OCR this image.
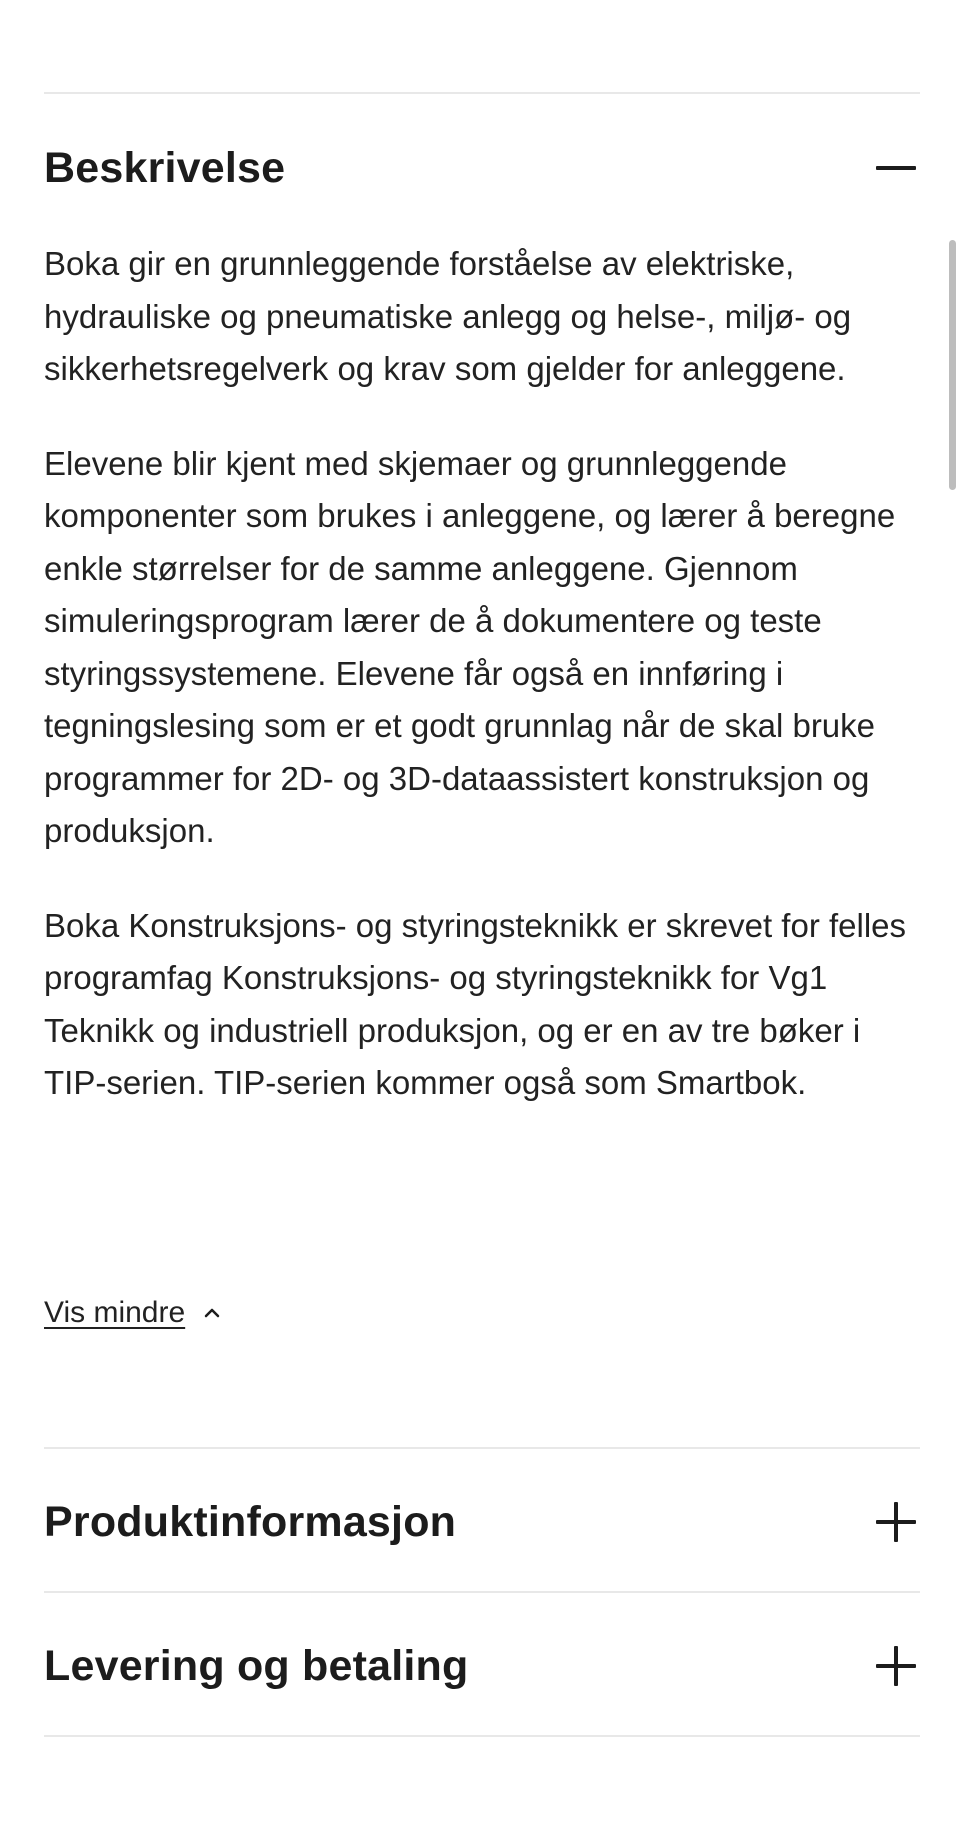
Beskrivelse

Boka gir en grunnleggende forståelse av elektriske, hydrauliske og pneumatiske anlegg og helse-, miljø- og sikkerhetsregelverk og krav som gjelder for anleggene.

Elevene blir kjent med skjemaer og grunnleggende komponenter som brukes i anleggene, og lærer å beregne enkle størrelser for de samme anleggene. Gjennom simuleringsprogram lærer de å dokumentere og teste styringssystemene. Elevene får også en innføring i tegningslesing som er et godt grunnlag når de skal bruke programmer for 2D- og 3D-dataassistert konstruksjon og produksjon.

Boka Konstruksjons- og styringsteknikk er skrevet for felles programfag Konstruksjons- og styringsteknikk for Vg1 Teknikk og industriell produksjon, og er en av tre bøker i TIP-serien. TIP-serien kommer også som Smartbok.

Vis mindre
Produktinformasjon
Levering og betaling
